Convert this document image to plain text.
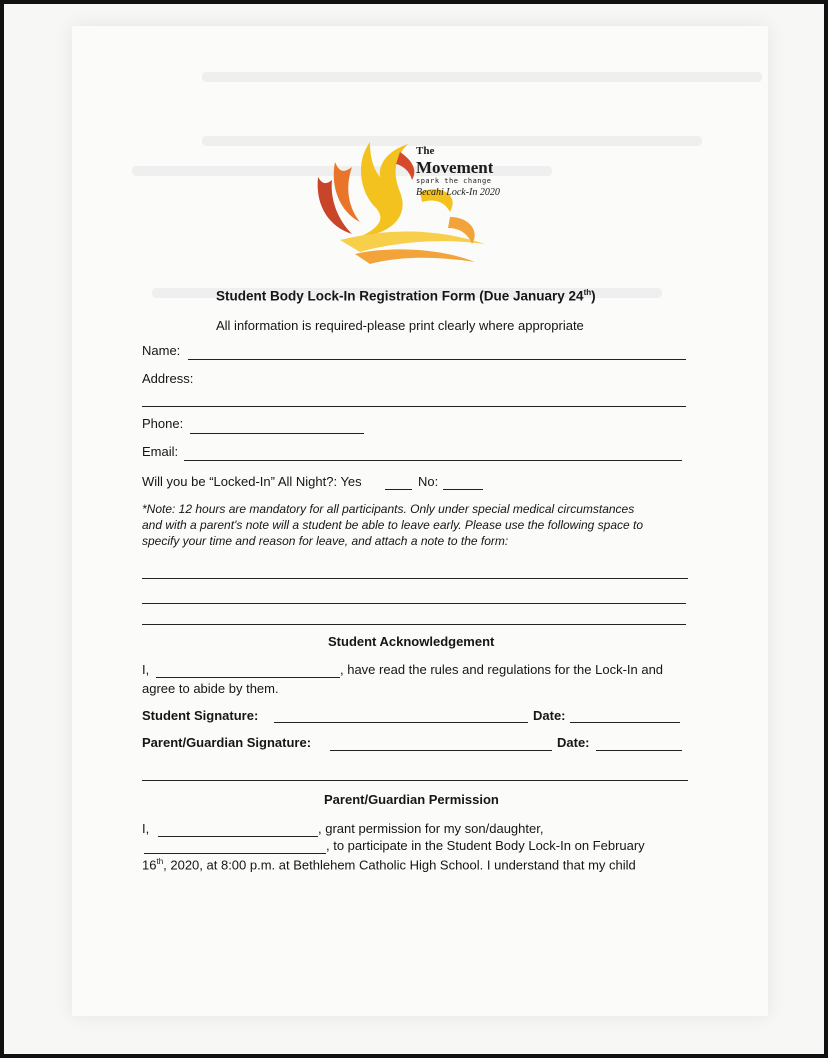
The
Movement
spark the change
Becahi Lock-In 2020
Student Body Lock-In Registration Form (Due January 24th)
All information is required-please print clearly where appropriate
Name:
Address:
Phone:
Email:
Will you be “Locked-In” All Night?: Yes	No:
*Note: 12 hours are mandatory for all participants. Only under special medical circumstances
and with a parent's note will a student be able to leave early. Please use the following space to
specify your time and reason for leave, and attach a note to the form:
Student Acknowledgement
I,	, have read the rules and regulations for the Lock-In and
agree to abide by them.
Student Signature:	Date:
Parent/Guardian Signature:	Date:
Parent/Guardian Permission
I,	, grant permission for my son/daughter,
, to participate in the Student Body Lock-In on February
16th, 2020, at 8:00 p.m. at Bethlehem Catholic High School. I understand that my child
